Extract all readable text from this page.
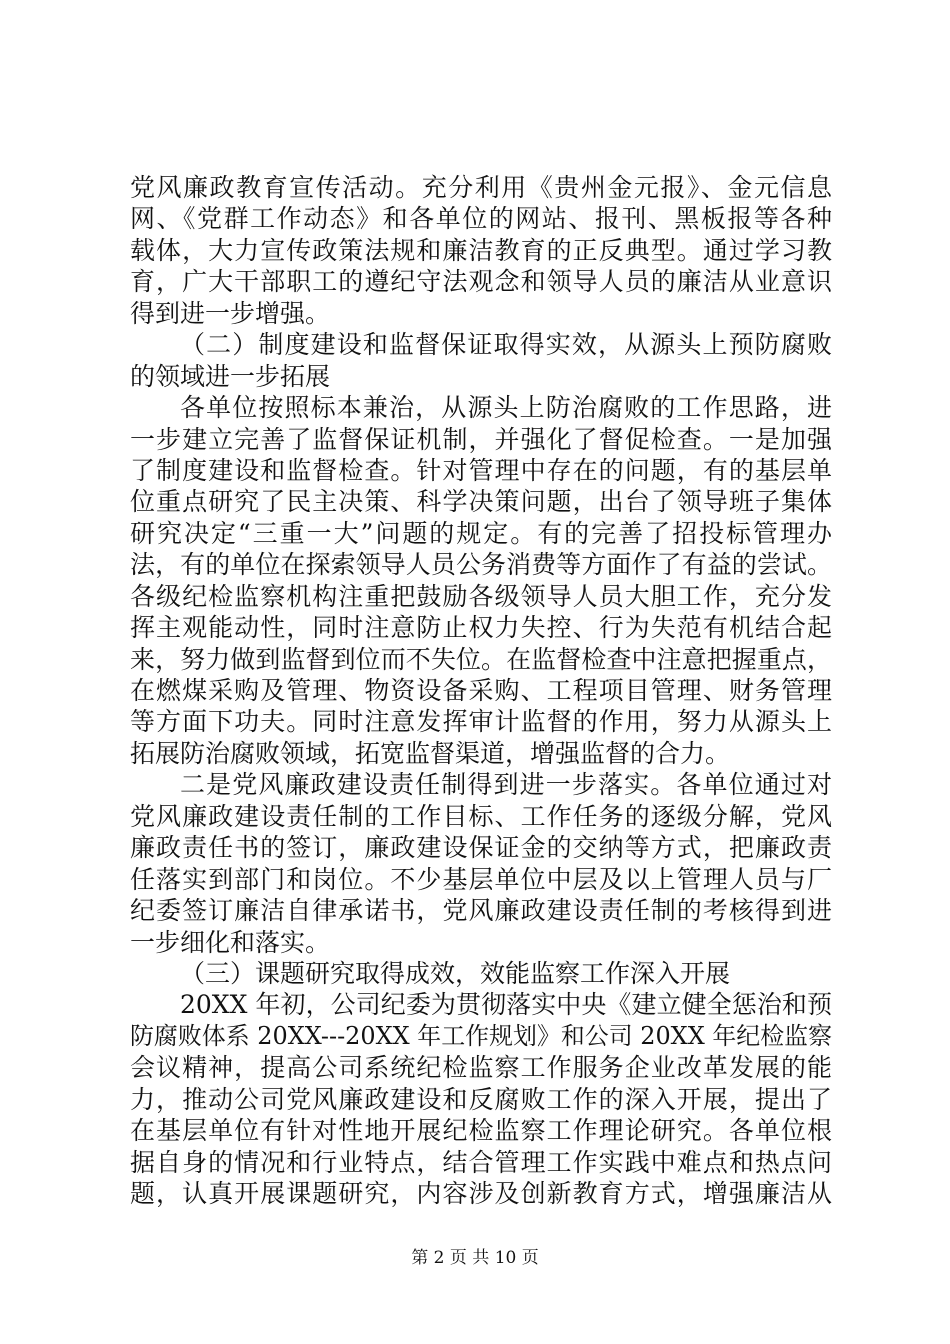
党风廉政教育宣传活动。充分利用《贵州金元报》、金元信息
网、《党群工作动态》和各单位的网站、报刊、黑板报等各种
载体，大力宣传政策法规和廉洁教育的正反典型。通过学习教
育，广大干部职工的遵纪守法观念和领导人员的廉洁从业意识
得到进一步增强。
（二）制度建设和监督保证取得实效，从源头上预防腐败
的领域进一步拓展
各单位按照标本兼治，从源头上防治腐败的工作思路，进
一步建立完善了监督保证机制，并强化了督促检查。一是加强
了制度建设和监督检查。针对管理中存在的问题，有的基层单
位重点研究了民主决策、科学决策问题，出台了领导班子集体
研究决定“三重一大”问题的规定。有的完善了招投标管理办
法，有的单位在探索领导人员公务消费等方面作了有益的尝试。
各级纪检监察机构注重把鼓励各级领导人员大胆工作，充分发
挥主观能动性，同时注意防止权力失控、行为失范有机结合起
来，努力做到监督到位而不失位。在监督检查中注意把握重点，
在燃煤采购及管理、物资设备采购、工程项目管理、财务管理
等方面下功夫。同时注意发挥审计监督的作用，努力从源头上
拓展防治腐败领域，拓宽监督渠道，增强监督的合力。
二是党风廉政建设责任制得到进一步落实。各单位通过对
党风廉政建设责任制的工作目标、工作任务的逐级分解，党风
廉政责任书的签订，廉政建设保证金的交纳等方式，把廉政责
任落实到部门和岗位。不少基层单位中层及以上管理人员与厂
纪委签订廉洁自律承诺书，党风廉政建设责任制的考核得到进
一步细化和落实。
（三）课题研究取得成效，效能监察工作深入开展
20XX 年初，公司纪委为贯彻落实中央《建立健全惩治和预
防腐败体系 20XX---20XX 年工作规划》和公司 20XX 年纪检监察
会议精神，提高公司系统纪检监察工作服务企业改革发展的能
力，推动公司党风廉政建设和反腐败工作的深入开展，提出了
在基层单位有针对性地开展纪检监察工作理论研究。各单位根
据自身的情况和行业特点，结合管理工作实践中难点和热点问
题，认真开展课题研究，内容涉及创新教育方式，增强廉洁从
第 2 页 共 10 页
